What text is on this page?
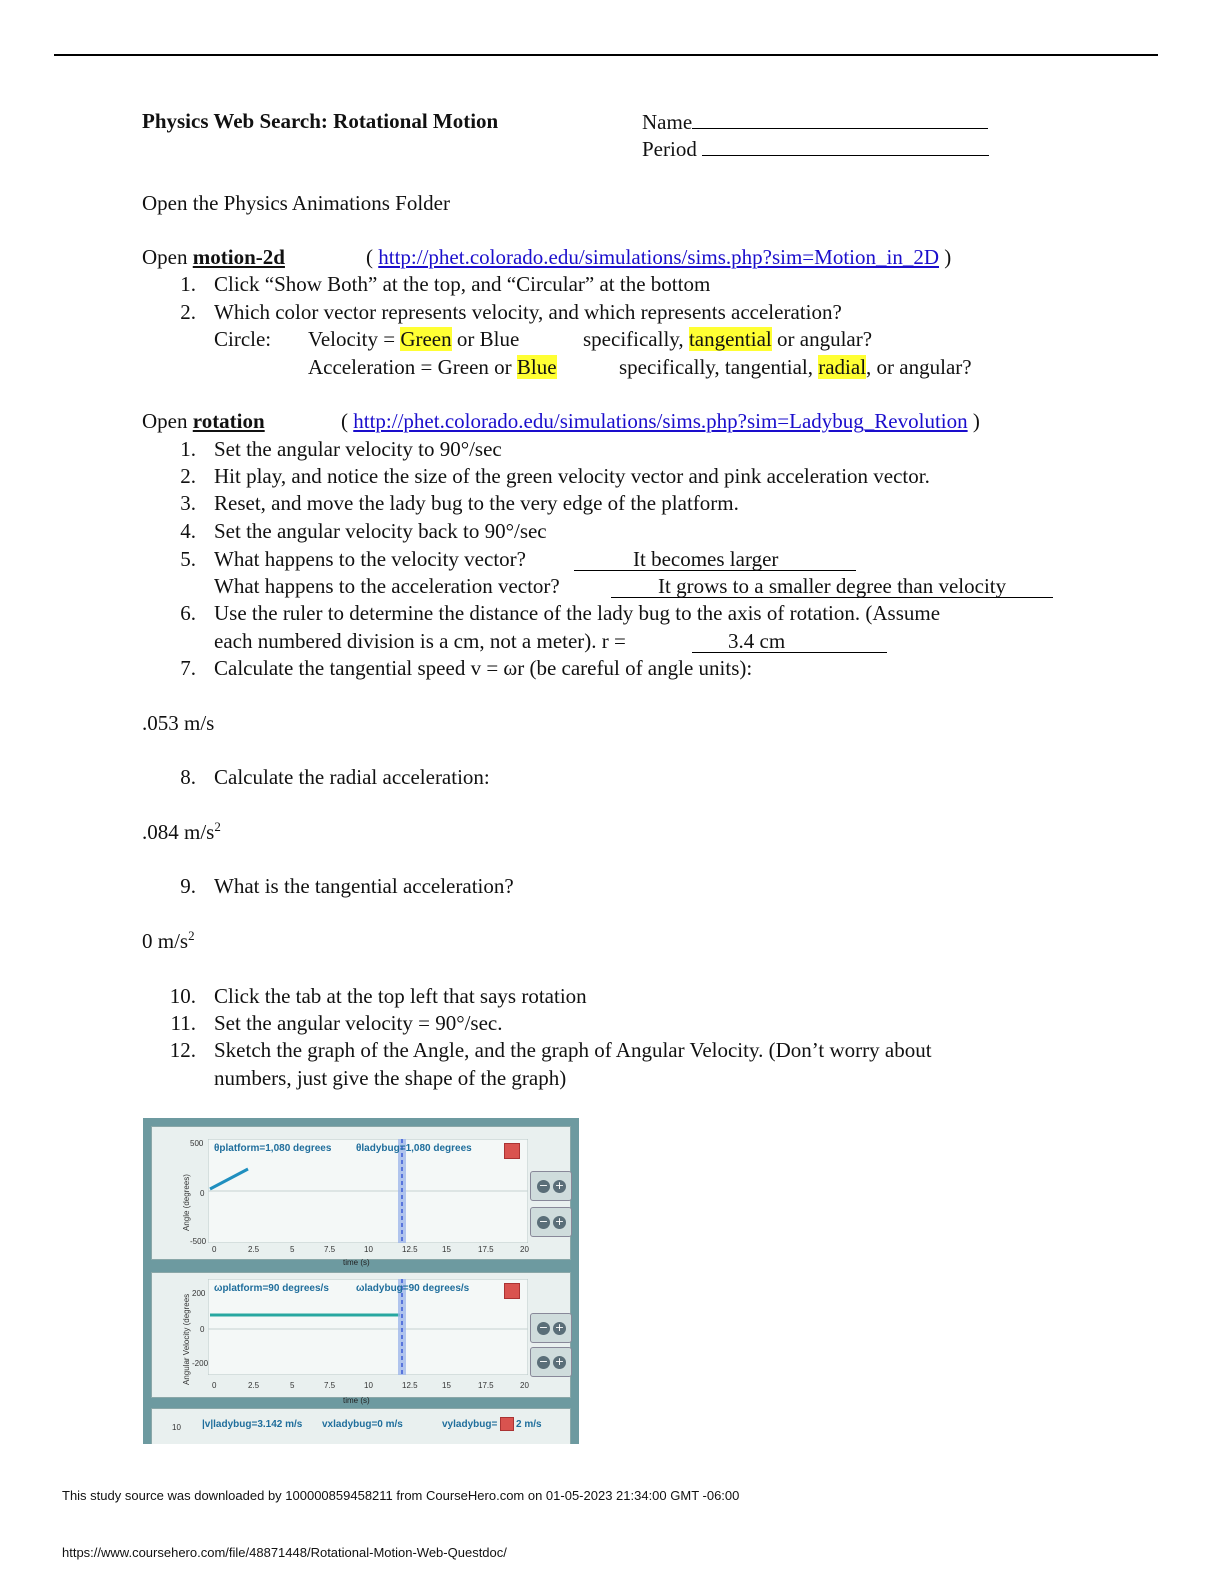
Physics Web Search: Rotational Motion	Name
Period
Open the Physics Animations Folder
Open motion-2d	( http://phet.colorado.edu/simulations/sims.php?sim=Motion_in_2D )
1. Click “Show Both” at the top, and “Circular” at the bottom
2. Which color vector represents velocity, and which represents acceleration?
Circle: Velocity = Green or Blue	specifically, tangential or angular?
Acceleration = Green or Blue	specifically, tangential, radial, or angular?
Open rotation	( http://phet.colorado.edu/simulations/sims.php?sim=Ladybug_Revolution )
1. Set the angular velocity to 90°/sec
2. Hit play, and notice the size of the green velocity vector and pink acceleration vector.
3. Reset, and move the lady bug to the very edge of the platform.
4. Set the angular velocity back to 90°/sec
5. What happens to the velocity vector?	It becomes larger
What happens to the acceleration vector?	It grows to a smaller degree than velocity
6. Use the ruler to determine the distance of the lady bug to the axis of rotation. (Assume
each numbered division is a cm, not a meter). r =	3.4 cm
7. Calculate the tangential speed v = ωr (be careful of angle units):
.053 m/s
8. Calculate the radial acceleration:
.084 $m/s^2$
9. What is the tangential acceleration?
0 $m/s^2$
10. Click the tab at the top left that says rotation
11. Set the angular velocity = 90°/sec.
12. Sketch the graph of the Angle, and the graph of Angular Velocity. (Don’t worry about
numbers, just give the shape of the graph)
Angle (degrees)
500
0
-500
θplatform=1,080 degrees θladybug=1,080 degrees
− +
− +
0	2.5	5	7.5	10	12.5	15	17.5	20
time (s)
Angular Velocity (degrees
200
0
-200
ωplatform=90 degrees/s	ωladybug=90 degrees/s
− +
− +
0	2.5	5	7.5	10	12.5	15	17.5	20
time (s)
10 |v|ladybug=3.142 m/s vxladybug=0 m/s	vyladybug= 2 m/s
This study source was downloaded by 100000859458211 from CourseHero.com on 01-05-2023 21:34:00 GMT -06:00
https://www.coursehero.com/file/48871448/Rotational-Motion-Web-Questdoc/
